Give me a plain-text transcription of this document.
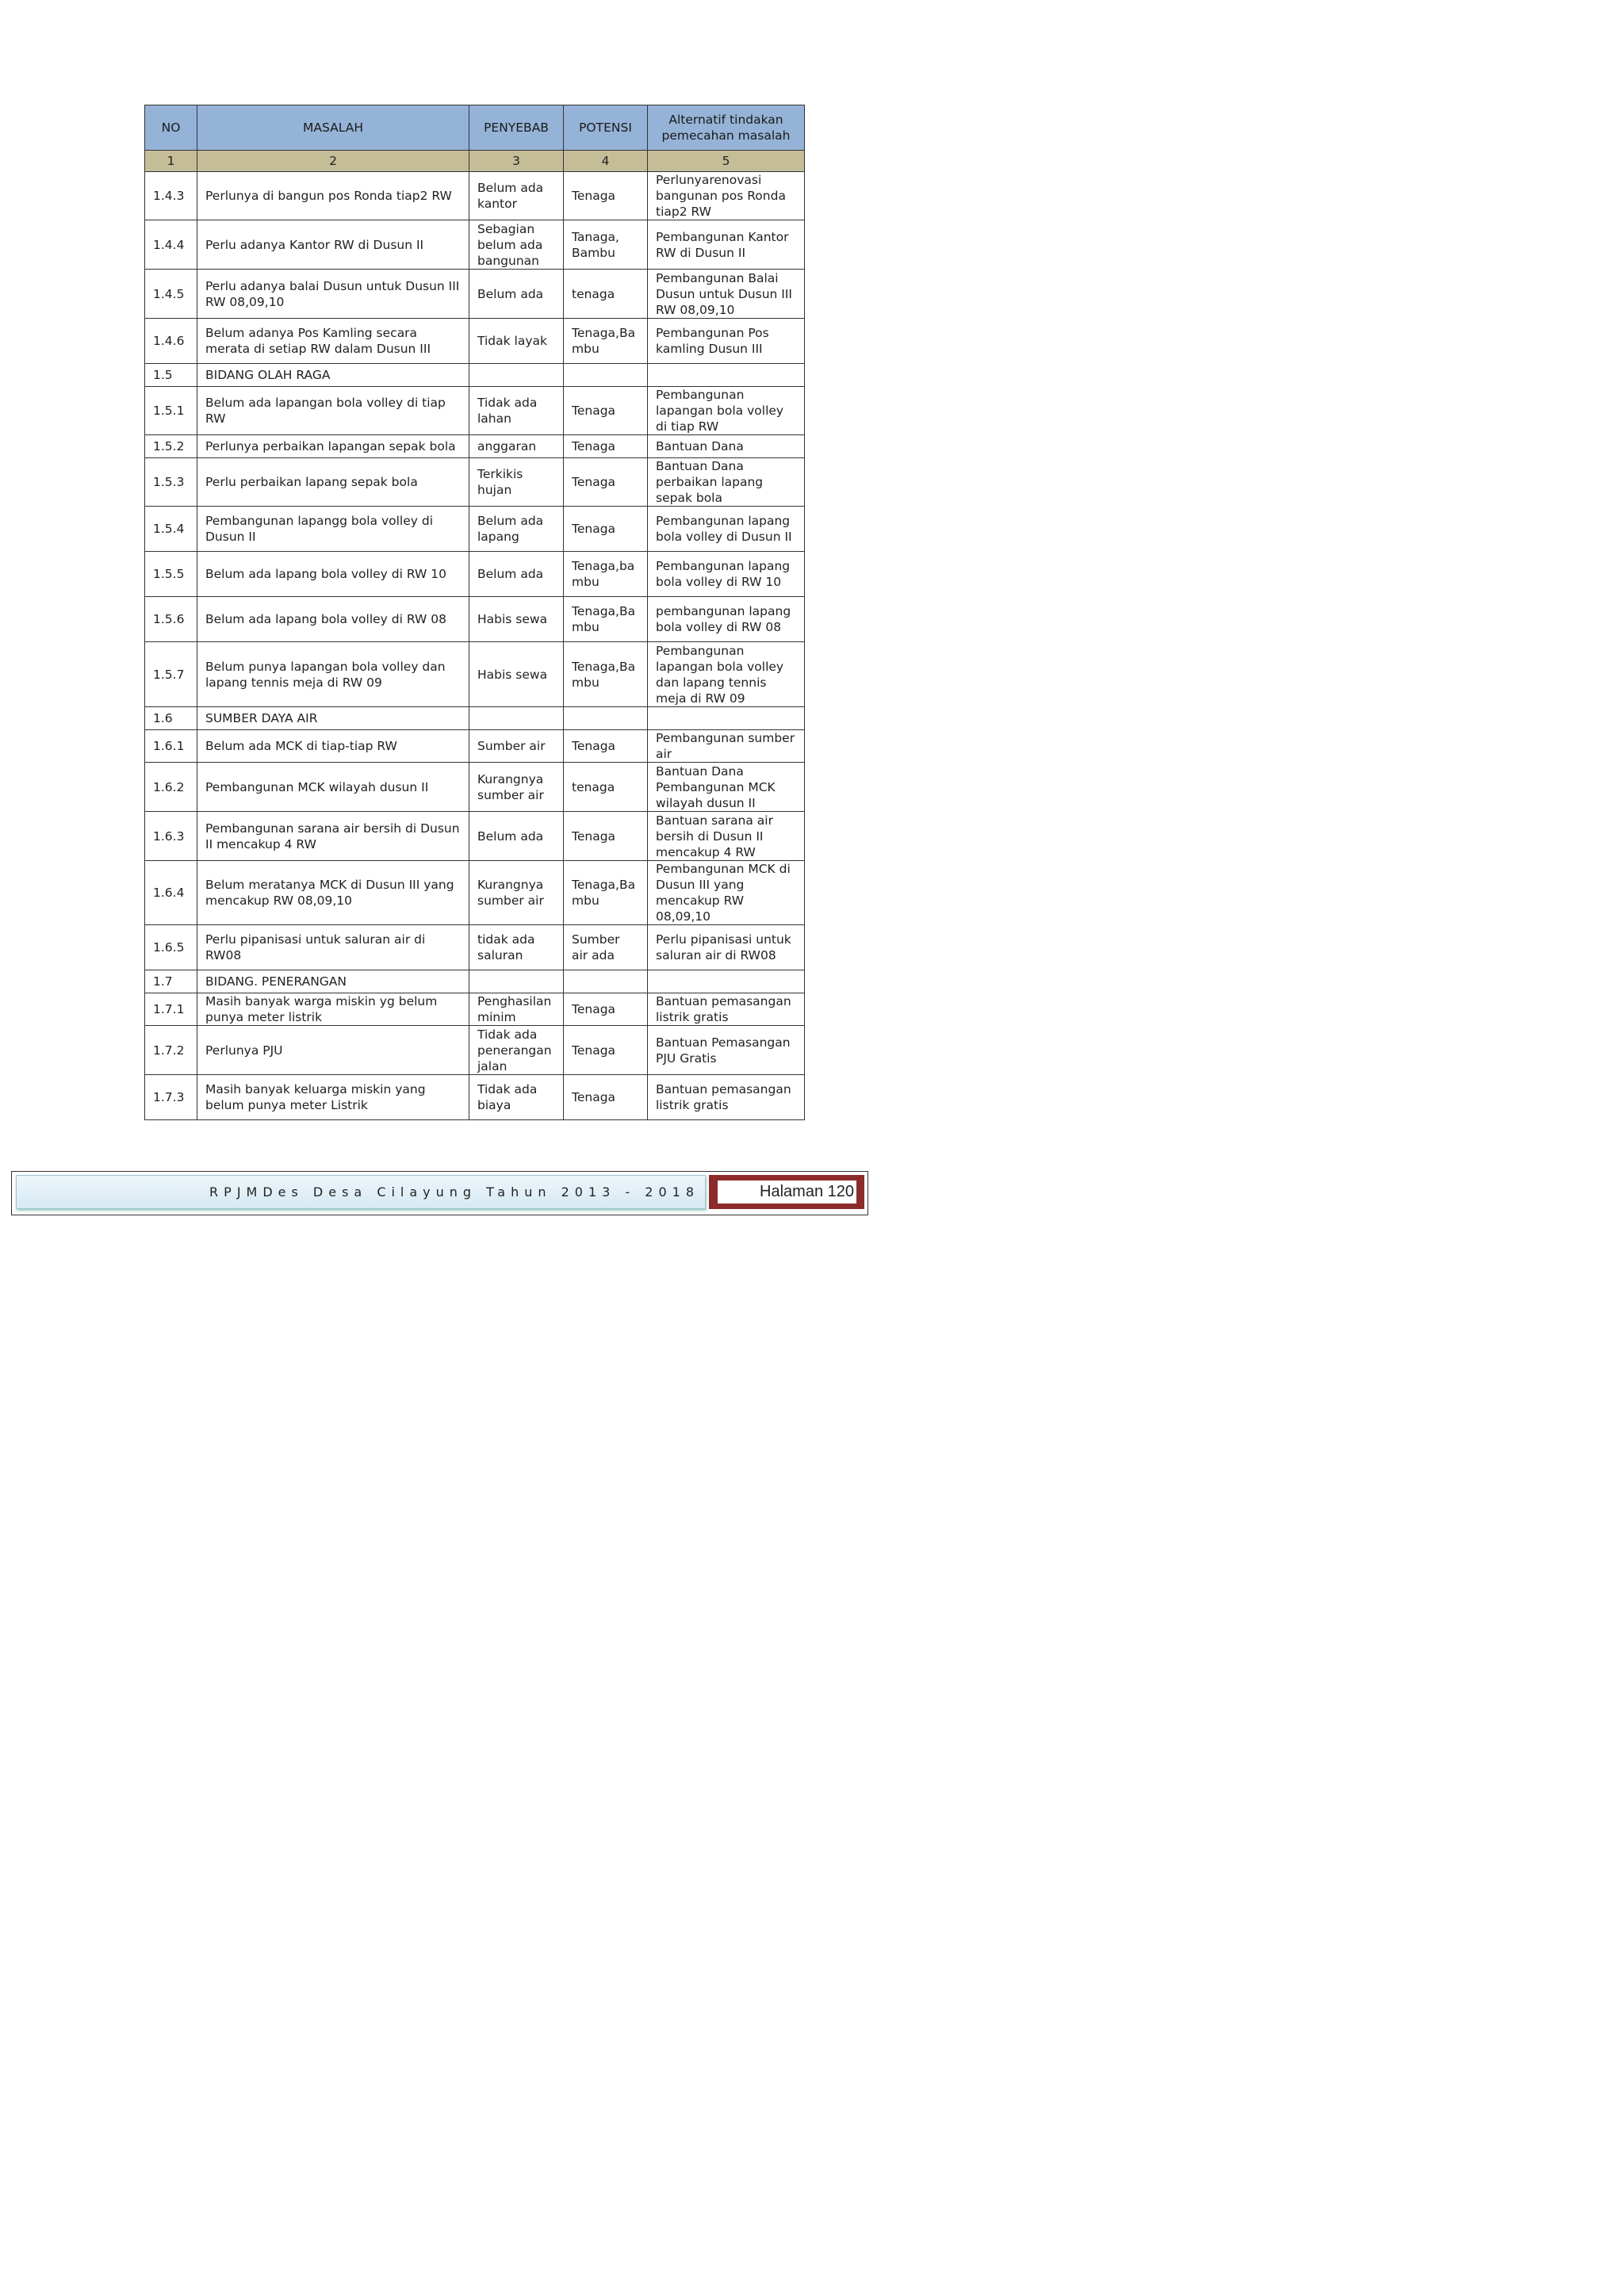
NO	MASALAH	PENYEBAB	POTENSI	Alternatif tindakan pemecahan masalah
1	2	3	4	5
1.4.3	Perlunya di bangun pos Ronda tiap2 RW	Belum ada kantor	Tenaga	Perlunyarenovasi bangunan pos Ronda tiap2 RW
1.4.4	Perlu adanya Kantor RW di Dusun II	Sebagian belum ada bangunan	Tanaga, Bambu	Pembangunan Kantor RW di Dusun II
1.4.5	Perlu adanya balai Dusun untuk Dusun III RW 08,09,10	Belum ada	tenaga	Pembangunan Balai Dusun untuk Dusun III RW 08,09,10
1.4.6	Belum adanya Pos Kamling secara merata di setiap RW dalam Dusun III	Tidak layak	Tenaga,Ba mbu	Pembangunan Pos kamling Dusun III
1.5	BIDANG OLAH RAGA			
1.5.1	Belum ada lapangan bola volley di tiap RW	Tidak ada lahan	Tenaga	Pembangunan lapangan bola volley di tiap RW
1.5.2	Perlunya perbaikan lapangan sepak bola	anggaran	Tenaga	Bantuan Dana
1.5.3	Perlu perbaikan lapang sepak bola	Terkikis hujan	Tenaga	Bantuan Dana perbaikan lapang sepak bola
1.5.4	Pembangunan lapangg bola volley di Dusun II	Belum ada lapang	Tenaga	Pembangunan lapang bola volley di Dusun II
1.5.5	Belum ada lapang bola volley di RW 10	Belum ada	Tenaga,ba mbu	Pembangunan lapang bola volley di RW 10
1.5.6	Belum ada lapang bola volley di RW 08	Habis sewa	Tenaga,Ba mbu	pembangunan lapang bola volley di RW 08
1.5.7	Belum punya lapangan bola volley dan lapang tennis meja di RW 09	Habis sewa	Tenaga,Ba mbu	Pembangunan lapangan bola volley dan lapang tennis meja di RW 09
1.6	SUMBER DAYA AIR			
1.6.1	Belum ada MCK di tiap-tiap RW	Sumber air	Tenaga	Pembangunan sumber air
1.6.2	Pembangunan MCK wilayah dusun II	Kurangnya sumber air	tenaga	Bantuan Dana Pembangunan MCK wilayah dusun II
1.6.3	Pembangunan sarana air bersih di Dusun II mencakup 4 RW	Belum ada	Tenaga	Bantuan sarana air bersih di Dusun II mencakup 4 RW
1.6.4	Belum meratanya MCK di Dusun III yang mencakup RW 08,09,10	Kurangnya sumber air	Tenaga,Ba mbu	Pembangunan MCK di Dusun III yang mencakup RW 08,09,10
1.6.5	Perlu pipanisasi untuk saluran air di RW08	tidak ada saluran	Sumber air ada	Perlu pipanisasi untuk saluran air di RW08
1.7	BIDANG. PENERANGAN			
1.7.1	Masih banyak warga miskin yg belum punya meter listrik	Penghasilan minim	Tenaga	Bantuan pemasangan listrik gratis
1.7.2	Perlunya PJU	Tidak ada penerangan jalan	Tenaga	Bantuan Pemasangan PJU Gratis
1.7.3	Masih banyak keluarga miskin yang belum punya meter Listrik	Tidak ada biaya	Tenaga	Bantuan pemasangan listrik gratis
RPJMDes Desa Cilayung Tahun 2013 - 2018	Halaman 120
